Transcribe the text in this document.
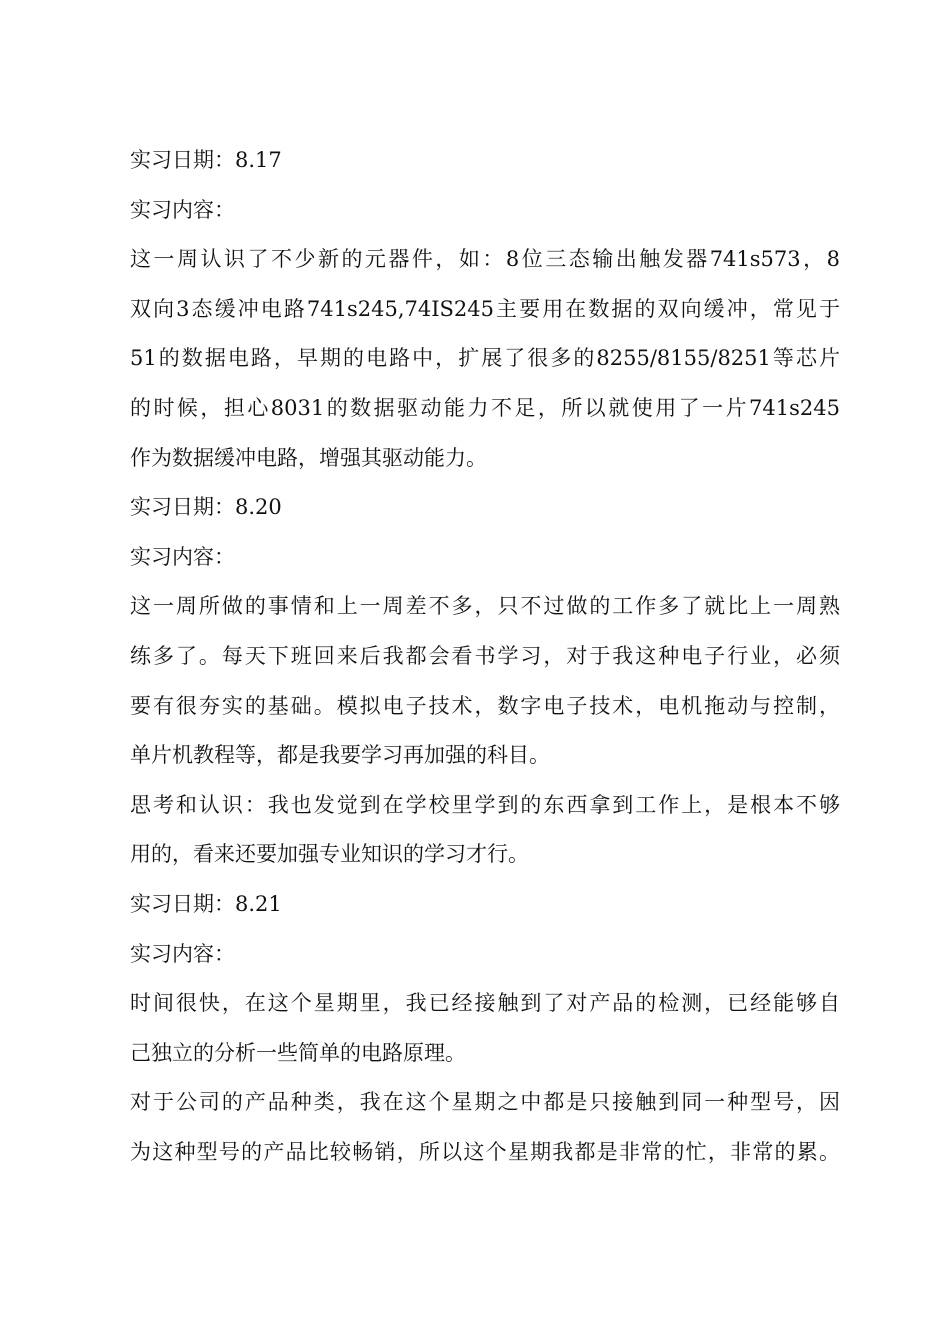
实习日期：8.17
实习内容：
这一周认识了不少新的元器件，如：8位三态输出触发器741s573，8
双向3态缓冲电路741s245,74IS245主要用在数据的双向缓冲，常见于
51的数据电路，早期的电路中，扩展了很多的8255/8155/8251等芯片
的时候，担心8031的数据驱动能力不足，所以就使用了一片741s245
作为数据缓冲电路，增强其驱动能力。
实习日期：8.20
实习内容：
这一周所做的事情和上一周差不多，只不过做的工作多了就比上一周熟
练多了。每天下班回来后我都会看书学习，对于我这种电子行业，必须
要有很夯实的基础。模拟电子技术，数字电子技术，电机拖动与控制，
单片机教程等，都是我要学习再加强的科目。
思考和认识：我也发觉到在学校里学到的东西拿到工作上，是根本不够
用的，看来还要加强专业知识的学习才行。
实习日期：8.21
实习内容：
时间很快，在这个星期里，我已经接触到了对产品的检测，已经能够自
己独立的分析一些简单的电路原理。
对于公司的产品种类，我在这个星期之中都是只接触到同一种型号，因
为这种型号的产品比较畅销，所以这个星期我都是非常的忙，非常的累。
